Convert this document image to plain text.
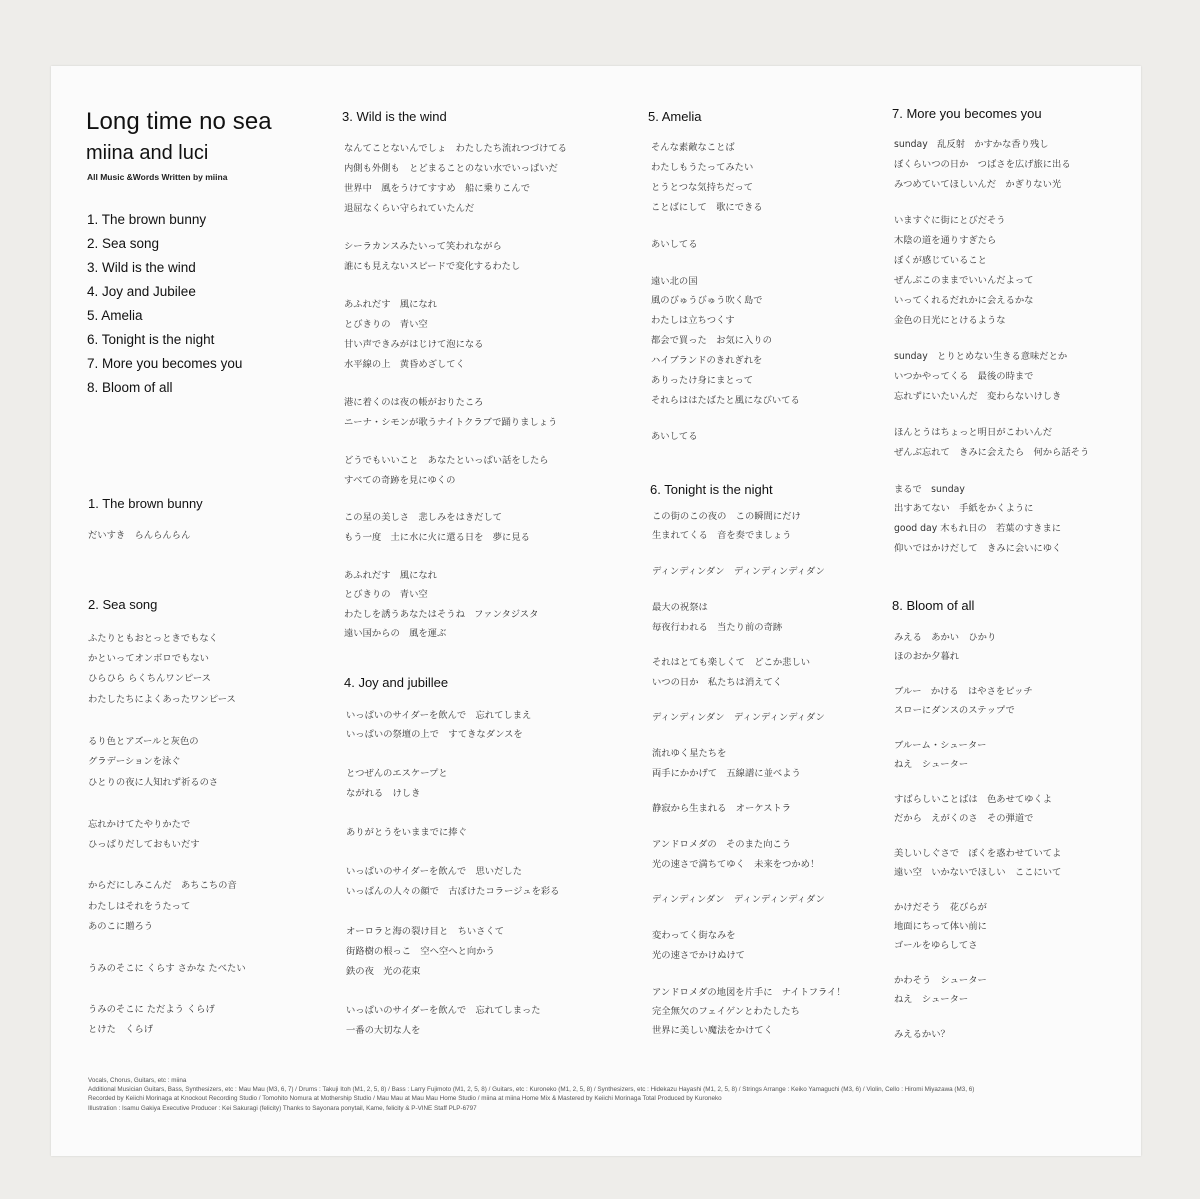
Long time no sea
miina and luci
All Music &Words Written by miina
1. The brown bunny
2. Sea song
3. Wild is the wind
4. Joy and Jubilee
5. Amelia
6. Tonight is the night
7. More you becomes you
8. Bloom of all
1. The brown bunny
だいすき　らんらんらん
2. Sea song
ふたりともおとっときでもなく
かといってオンボロでもない
ひらひら らくちんワンピース
わたしたちによくあったワンピース
るり色とアズールと灰色の
グラデーションを泳ぐ
ひとりの夜に人知れず祈るのさ
忘れかけてたやりかたで
ひっぱりだしておもいだす
からだにしみこんだ　あちこちの音
わたしはそれをうたって
あのこに贈ろう
うみのそこに くらす さかな たべたい
うみのそこに ただよう くらげ
とけた　くらげ
3. Wild is the wind
なんてことないんでしょ　わたしたち流れつづけてる
内側も外側も　とどまることのない水でいっぱいだ
世界中　風をうけてすすめ　船に乗りこんで
退屈なくらい守られていたんだ
シーラカンスみたいって笑われながら
誰にも見えないスピードで変化するわたし
あふれだす　風になれ
とびきりの　青い空
甘い声できみがはじけて泡になる
水平線の上　黄昏めざしてく
港に着くのは夜の帳がおりたころ
ニーナ・シモンが歌うナイトクラブで踊りましょう
どうでもいいこと　あなたといっぱい話をしたら
すべての奇跡を見にゆくの
この星の美しさ　悲しみをはきだして
もう一度　土に水に火に還る日を　夢に見る
あふれだす　風になれ
とびきりの　青い空
わたしを誘うあなたはそうね　ファンタジスタ
遠い国からの　風を運ぶ
4. Joy and jubillee
いっぱいのサイダーを飲んで　忘れてしまえ
いっぱいの祭壇の上で　すてきなダンスを
とつぜんのエスケープと
ながれる　けしき
ありがとうをいままでに捧ぐ
いっぱいのサイダーを飲んで　思いだした
いっぱんの人々の顔で　古ぼけたコラージュを彩る
オーロラと海の裂け目と　ちいさくて
街路樹の根っこ　空へ空へと向かう
鉄の夜　光の花束
いっぱいのサイダーを飲んで　忘れてしまった
一番の大切な人を
5. Amelia
そんな素敵なことば
わたしもうたってみたい
とうとつな気持ちだって
ことばにして　歌にできる
あいしてる
遠い北の国
風のびゅうびゅう吹く島で
わたしは立ちつくす
都会で買った　お気に入りの
ハイブランドのきれぎれを
ありったけ身にまとって
それらははたばたと風になびいてる
あいしてる
6. Tonight is the night
この街のこの夜の　この瞬間にだけ
生まれてくる　音を奏でましょう
ディンディンダン　ディンディンディダン
最大の祝祭は
毎夜行われる　当たり前の奇跡
それはとても楽しくて　どこか悲しい
いつの日か　私たちは消えてく
ディンディンダン　ディンディンディダン
流れゆく星たちを
両手にかかげて　五線譜に並べよう
静寂から生まれる　オーケストラ
アンドロメダの　そのまた向こう
光の速さで満ちてゆく　未来をつかめ！
ディンディンダン　ディンディンディダン
変わってく街なみを
光の速さでかけぬけて
アンドロメダの地図を片手に　ナイトフライ！
完全無欠のフェイゲンとわたしたち
世界に美しい魔法をかけてく
7. More you becomes you
sunday　乱反射　かすかな香り残し
ぼくらいつの日か　つばさを広げ旅に出る
みつめていてほしいんだ　かぎりない光
いますぐに街にとびだそう
木陰の道を通りすぎたら
ぼくが感じていること
ぜんぶこのままでいいんだよって
いってくれるだれかに会えるかな
金色の日光にとけるような
sunday　とりとめない生きる意味だとか
いつかやってくる　最後の時まで
忘れずにいたいんだ　変わらないけしき
ほんとうはちょっと明日がこわいんだ
ぜんぶ忘れて　きみに会えたら　何から話そう
まるで　sunday
出すあてない　手紙をかくように
good day 木もれ日の　若葉のすきまに
仰いではかけだして　きみに会いにゆく
8. Bloom of all
みえる　あかい　ひかり
ほのおか夕暮れ
ブルー　かける　はやさをピッチ
スローにダンスのステップで
ブルーム・シューター
ねえ　シューター
すばらしいことばは　色あせてゆくよ
だから　えがくのさ　その弾道で
美しいしぐさで　ぼくを惑わせていてよ
遠い空　いかないでほしい　ここにいて
かけだそう　花びらが
地面にちって体い前に
ゴールをゆらしてさ
かわそう　シューター
ねえ　シューター
みえるかい？
Vocals, Chorus, Guitars, etc : miina
Additional Musician Guitars, Bass, Synthesizers, etc : Mau Mau (M3, 6, 7) / Drums : Takuji Itoh (M1, 2, 5, 8) / Bass : Larry Fujimoto (M1, 2, 5, 8) / Guitars, etc : Kuroneko (M1, 2, 5, 8) / Synthesizers, etc : Hidekazu Hayashi (M1, 2, 5, 8) / Strings Arrange : Keiko Yamaguchi (M3, 6) / Violin, Cello : Hiromi Miyazawa (M3, 6)
Recorded by Keiichi Morinaga at Knockout Recording Studio / Tomohito Nomura at Mothership Studio / Mau Mau at Mau Mau Home Studio / miina at miina Home Mix & Mastered by Keiichi Morinaga Total Produced by Kuroneko
Illustration : Isamu Gakiya Executive Producer : Kei Sakuragi (felicity) Thanks to Sayonara ponytail, Kame, felicity & P-VINE Staff PLP-6797
